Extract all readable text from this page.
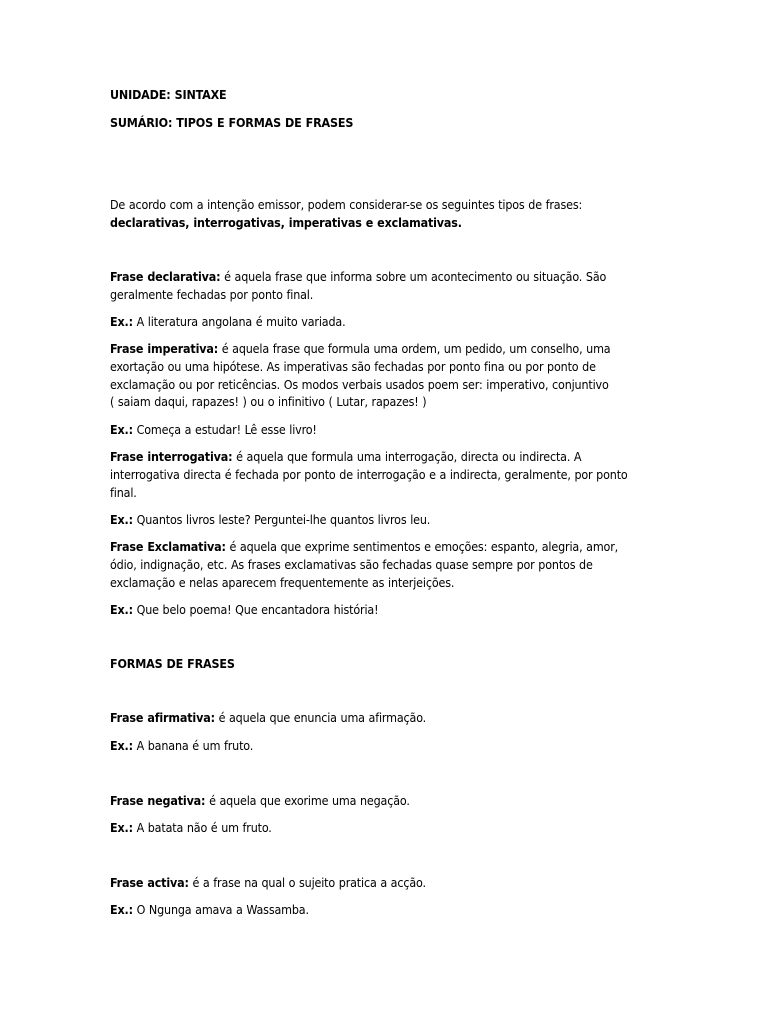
UNIDADE: SINTAXE
SUMÁRIO: TIPOS E FORMAS DE FRASES
De acordo com a intenção emissor, podem considerar-se os seguintes tipos de frases:
declarativas, interrogativas, imperativas e exclamativas.
Frase declarativa: é aquela frase que informa sobre um acontecimento ou situação. São
geralmente fechadas por ponto final.
Ex.: A literatura angolana é muito variada.
Frase imperativa: é aquela frase que formula uma ordem, um pedido, um conselho, uma
exortação ou uma hipótese. As imperativas são fechadas por ponto fina ou por ponto de
exclamação ou por reticências. Os modos verbais usados poem ser: imperativo, conjuntivo
( saiam daqui, rapazes! ) ou o infinitivo ( Lutar, rapazes! )
Ex.: Começa a estudar! Lê esse livro!
Frase interrogativa: é aquela que formula uma interrogação, directa ou indirecta. A
interrogativa directa é fechada por ponto de interrogação e a indirecta, geralmente, por ponto
final.
Ex.: Quantos livros leste? Perguntei-lhe quantos livros leu.
Frase Exclamativa: é aquela que exprime sentimentos e emoções: espanto, alegria, amor,
ódio, indignação, etc. As frases exclamativas são fechadas quase sempre por pontos de
exclamação e nelas aparecem frequentemente as interjeições.
Ex.: Que belo poema! Que encantadora história!
FORMAS DE FRASES
Frase afirmativa: é aquela que enuncia uma afirmação.
Ex.: A banana é um fruto.
Frase negativa: é aquela que exorime uma negação.
Ex.: A batata não é um fruto.
Frase activa: é a frase na qual o sujeito pratica a acção.
Ex.: O Ngunga amava a Wassamba.
